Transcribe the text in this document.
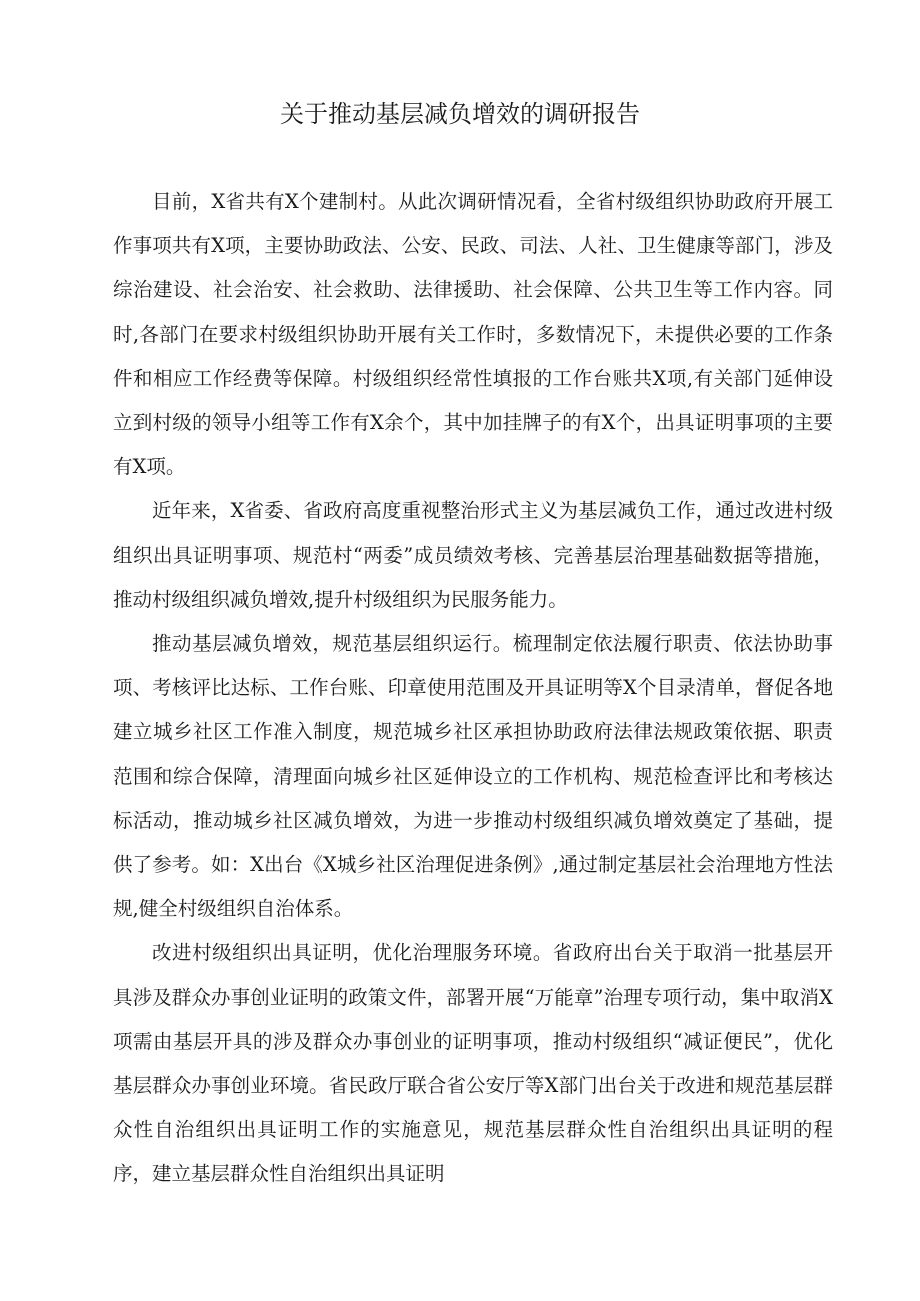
关于推动基层减负增效的调研报告

目前，X省共有X个建制村。从此次调研情况看，全省村级组织协助政府开展工作事项共有X项，主要协助政法、公安、民政、司法、人社、卫生健康等部门，涉及综治建设、社会治安、社会救助、法律援助、社会保障、公共卫生等工作内容。同时,各部门在要求村级组织协助开展有关工作时，多数情况下，未提供必要的工作条件和相应工作经费等保障。村级组织经常性填报的工作台账共X项,有关部门延伸设立到村级的领导小组等工作有X余个，其中加挂牌子的有X个，出具证明事项的主要有X项。

近年来，X省委、省政府高度重视整治形式主义为基层减负工作，通过改进村级组织出具证明事项、规范村“两委”成员绩效考核、完善基层治理基础数据等措施，推动村级组织减负增效,提升村级组织为民服务能力。

推动基层减负增效，规范基层组织运行。梳理制定依法履行职责、依法协助事项、考核评比达标、工作台账、印章使用范围及开具证明等X个目录清单，督促各地建立城乡社区工作准入制度，规范城乡社区承担协助政府法律法规政策依据、职责范围和综合保障，清理面向城乡社区延伸设立的工作机构、规范检查评比和考核达标活动，推动城乡社区减负增效，为进一步推动村级组织减负增效奠定了基础，提供了参考。如：X出台《X城乡社区治理促进条例》,通过制定基层社会治理地方性法规,健全村级组织自治体系。

改进村级组织出具证明，优化治理服务环境。省政府出台关于取消一批基层开具涉及群众办事创业证明的政策文件，部署开展“万能章”治理专项行动，集中取消X项需由基层开具的涉及群众办事创业的证明事项，推动村级组织“减证便民”，优化基层群众办事创业环境。省民政厅联合省公安厅等X部门出台关于改进和规范基层群众性自治组织出具证明工作的实施意见，规范基层群众性自治组织出具证明的程序，建立基层群众性自治组织出具证明
